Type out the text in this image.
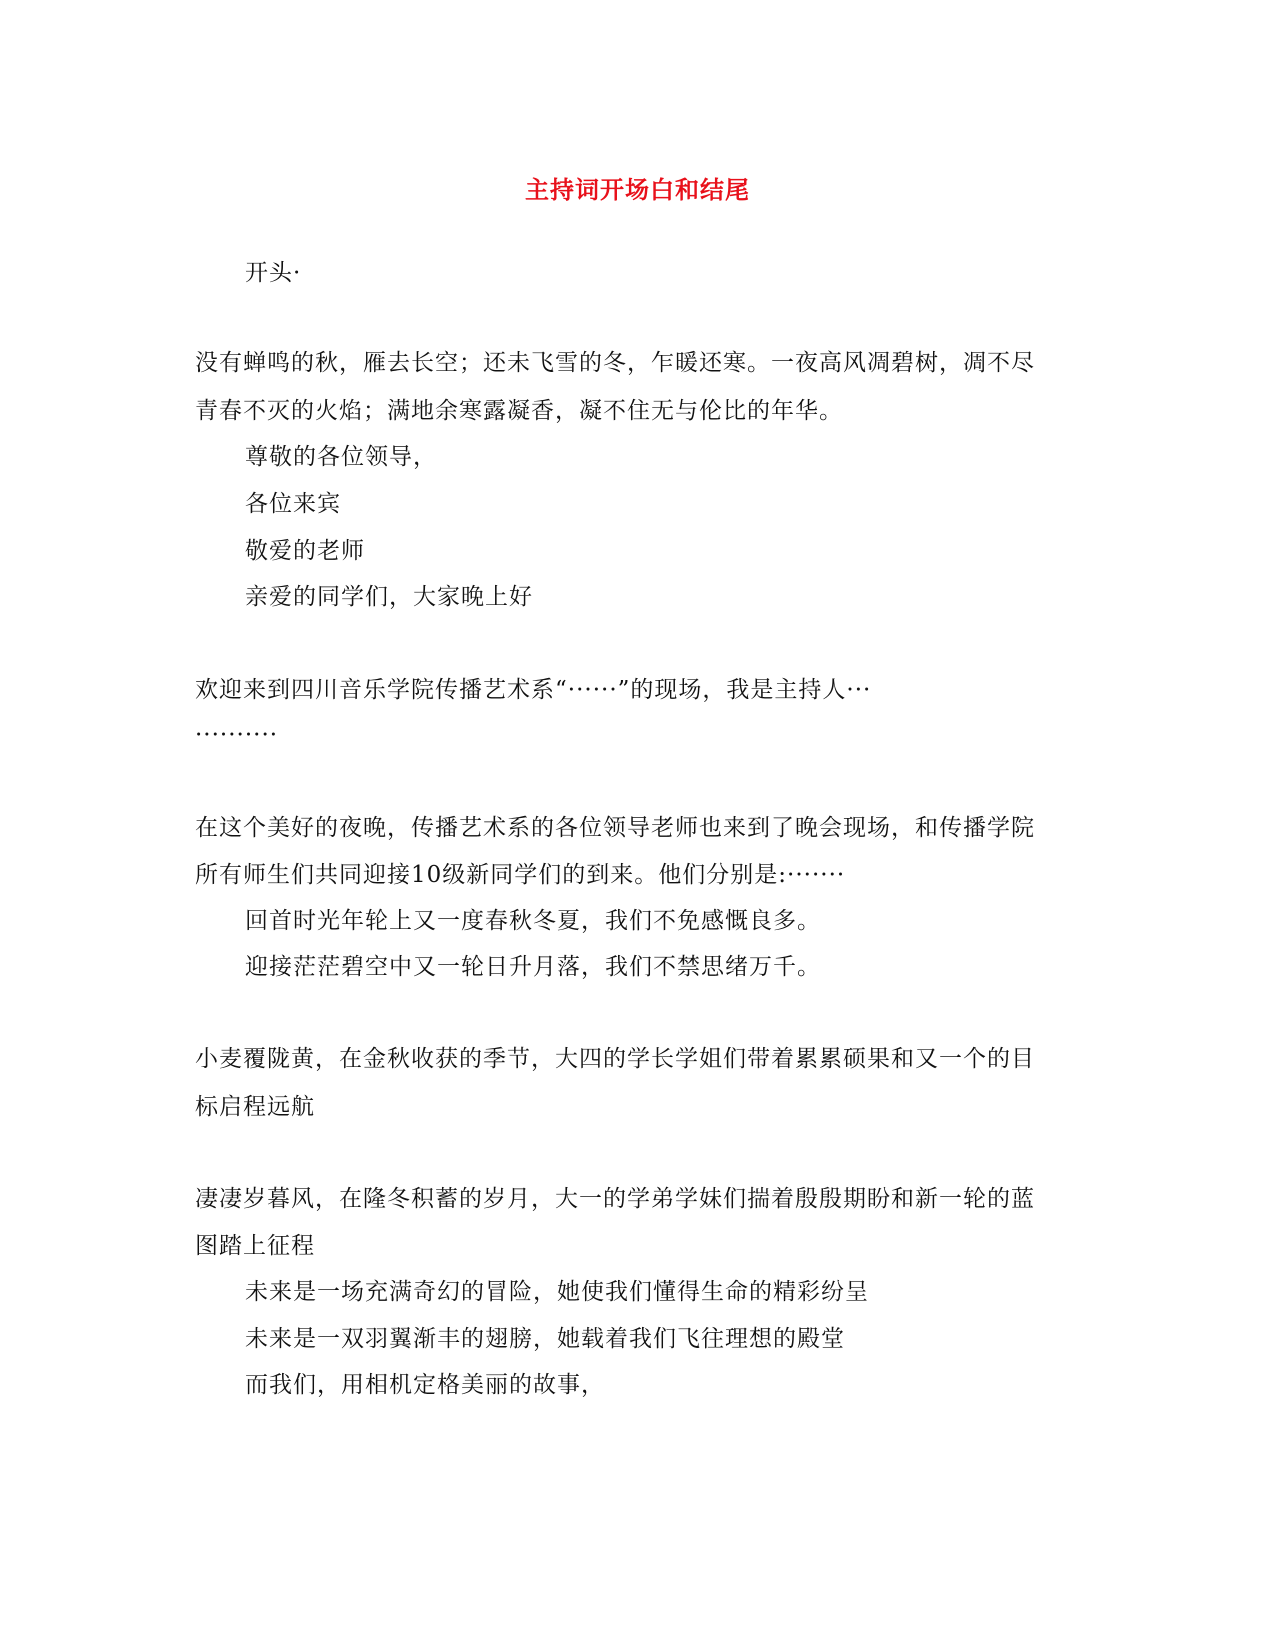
主持词开场白和结尾
开头·
没有蝉鸣的秋，雁去长空；还未飞雪的冬，乍暖还寒。一夜高风凋碧树，凋不尽
青春不灭的火焰；满地余寒露凝香，凝不住无与伦比的年华。
尊敬的各位领导，
各位来宾
敬爱的老师
亲爱的同学们，大家晚上好
欢迎来到四川音乐学院传播艺术系“······”的现场，我是主持人···
··········
在这个美好的夜晚，传播艺术系的各位领导老师也来到了晚会现场，和传播学院
所有师生们共同迎接10级新同学们的到来。他们分别是:·······
回首时光年轮上又一度春秋冬夏，我们不免感慨良多。
迎接茫茫碧空中又一轮日升月落，我们不禁思绪万千。
小麦覆陇黄，在金秋收获的季节，大四的学长学姐们带着累累硕果和又一个的目
标启程远航
凄凄岁暮风，在隆冬积蓄的岁月，大一的学弟学妹们揣着殷殷期盼和新一轮的蓝
图踏上征程
未来是一场充满奇幻的冒险，她使我们懂得生命的精彩纷呈
未来是一双羽翼渐丰的翅膀，她载着我们飞往理想的殿堂
而我们，用相机定格美丽的故事，
